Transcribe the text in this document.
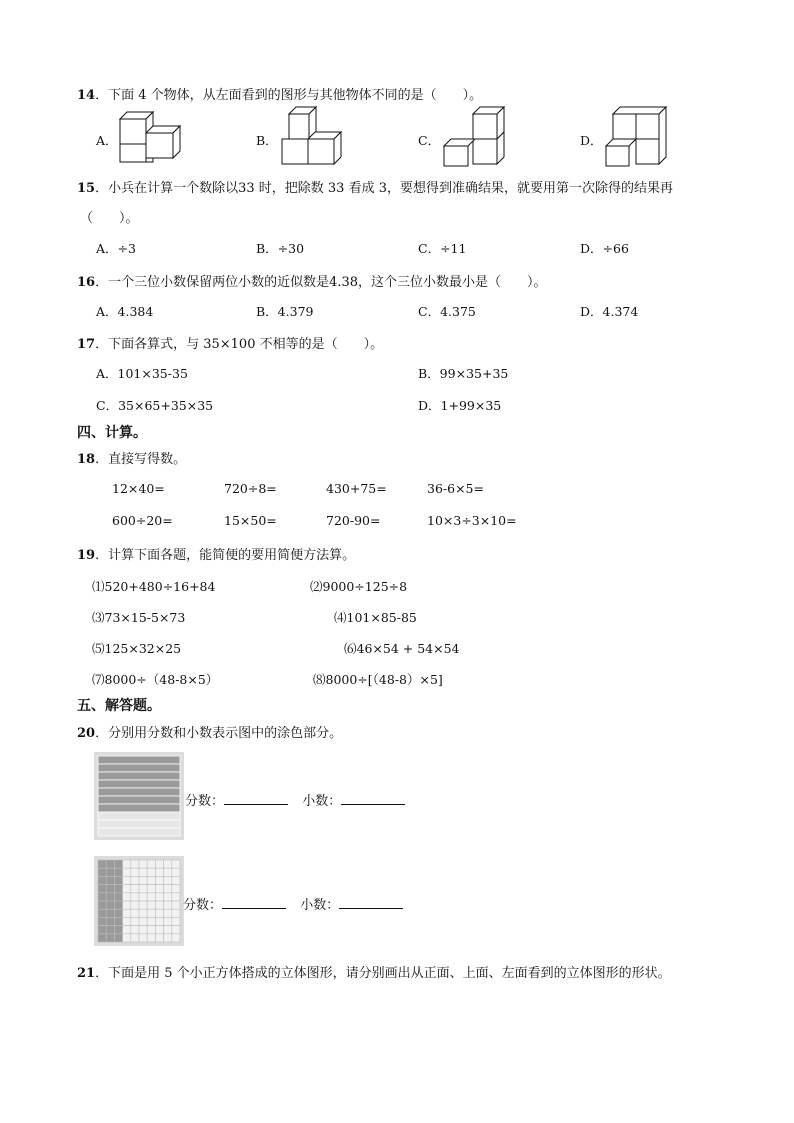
14．下面 4 个物体，从左面看到的图形与其他物体不同的是（　　）。
A．	B．	C．	D．
15．小兵在计算一个数除以33 时，把除数 33 看成 3，要想得到准确结果，就要用第一次除得的结果再
（　　）。
A．÷3	B．÷30	C．÷11	D．÷66
16．一个三位小数保留两位小数的近似数是4.38，这个三位小数最小是（　　）。
A．4.384	B．4.379	C．4.375	D．4.374
17．下面各算式，与 35×100 不相等的是（　　）。
A．101×35-35	B．99×35+35
C．35×65+35×35	D．1+99×35
四、计算。
18．直接写得数。
12×40=	720÷8=	430+75=	36-6×5=
600÷20=	15×50=	720-90=	10×3÷3×10=
19．计算下面各题，能简便的要用简便方法算。
⑴520+480÷16+84	⑵9000÷125÷8
⑶73×15-5×73	⑷101×85-85
⑸125×32×25	⑹46×54 + 54×54
⑺8000÷（48-8×5）	⑻8000÷[（48-8）×5]
五、解答题。
20．分别用分数和小数表示图中的涂色部分。
分数：	小数：
分数：	小数：
21．下面是用 5 个小正方体搭成的立体图形，请分别画出从正面、上面、左面看到的立体图形的形状。
